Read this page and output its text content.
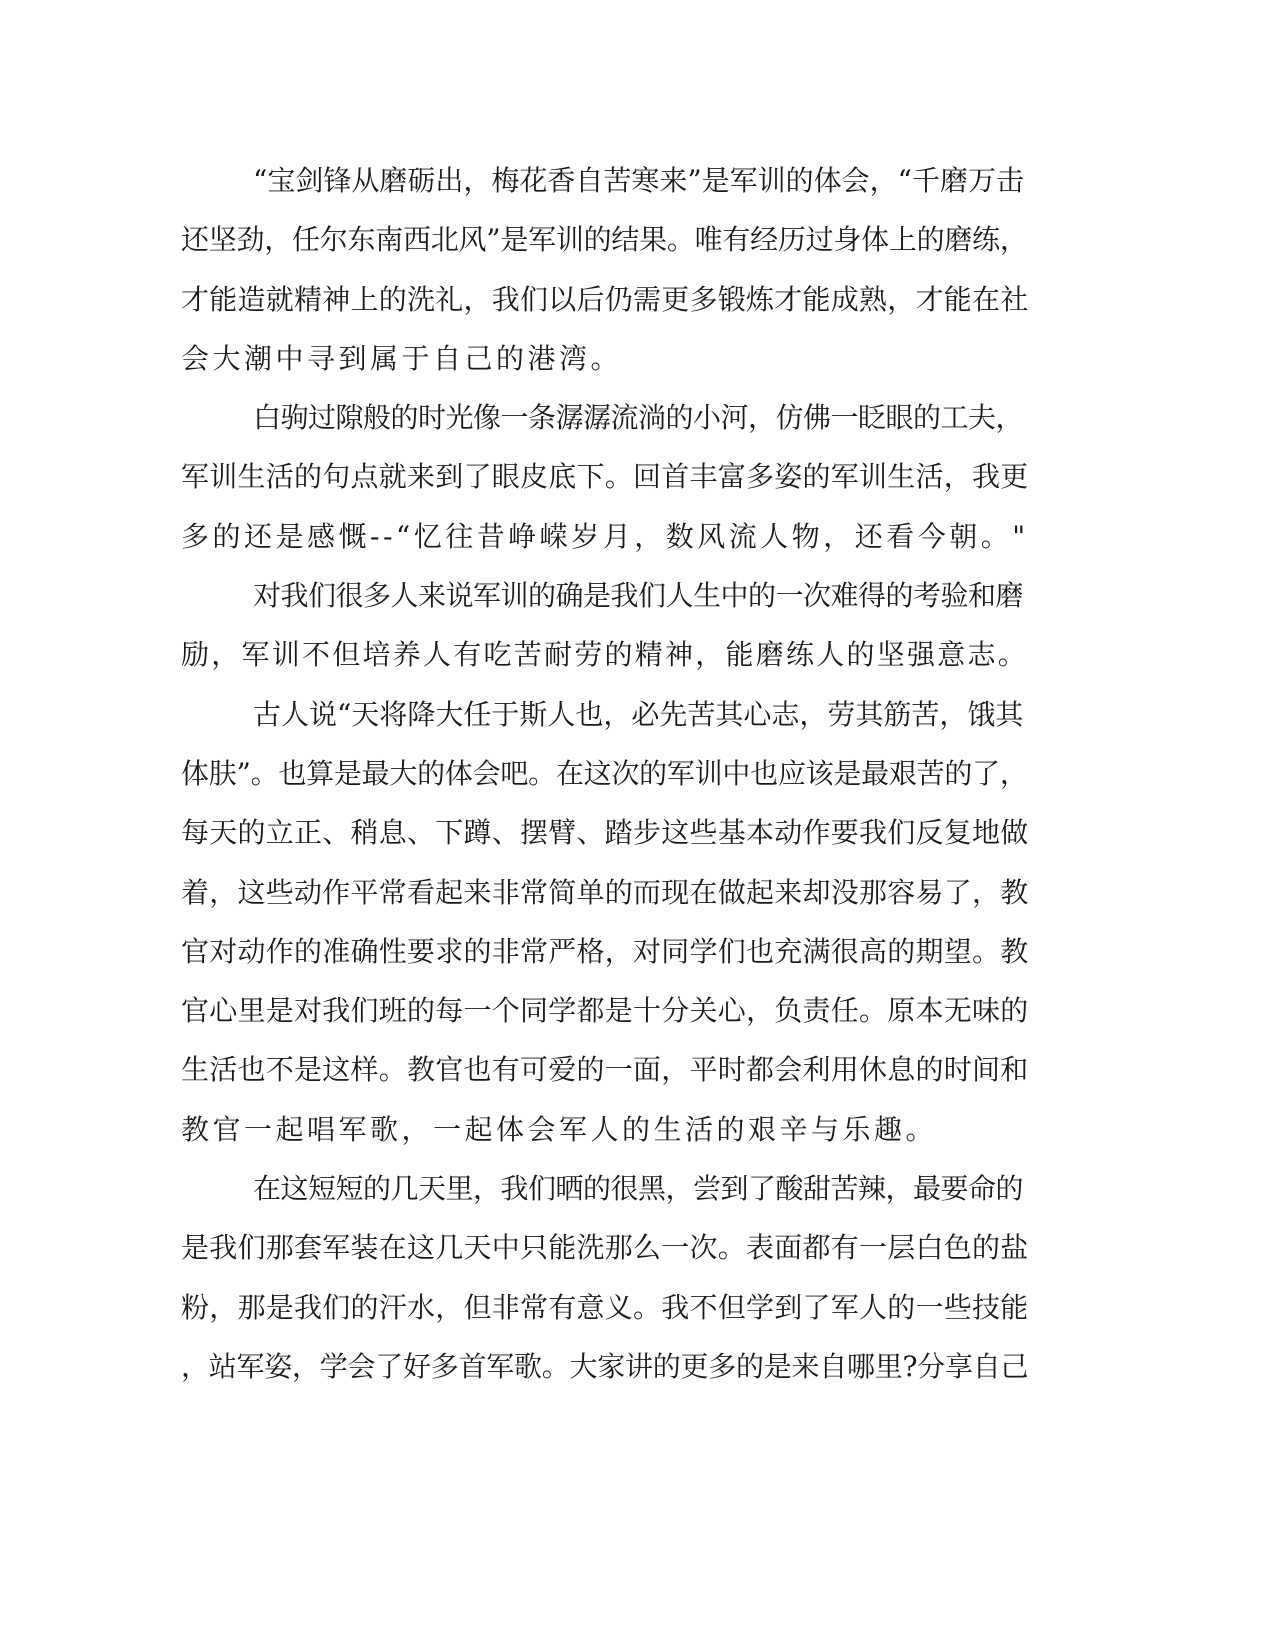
“宝剑锋从磨砺出，梅花香自苦寒来”是军训的体会，“千磨万击

还坚劲，任尔东南西北风”是军训的结果。唯有经历过身体上的磨练，

才能造就精神上的洗礼，我们以后仍需更多锻炼才能成熟，才能在社

会大潮中寻到属于自己的港湾。

白驹过隙般的时光像一条潺潺流淌的小河，仿佛一眨眼的工夫，

军训生活的句点就来到了眼皮底下。回首丰富多姿的军训生活，我更

多的还是感慨--“忆往昔峥嵘岁月，数风流人物，还看今朝。"

对我们很多人来说军训的确是我们人生中的一次难得的考验和磨

励，军训不但培养人有吃苦耐劳的精神，能磨练人的坚强意志。

古人说“天将降大任于斯人也，必先苦其心志，劳其筋苦，饿其

体肤”。也算是最大的体会吧。在这次的军训中也应该是最艰苦的了，

每天的立正、稍息、下蹲、摆臂、踏步这些基本动作要我们反复地做

着，这些动作平常看起来非常简单的而现在做起来却没那容易了，教

官对动作的准确性要求的非常严格，对同学们也充满很高的期望。教

官心里是对我们班的每一个同学都是十分关心，负责任。原本无味的

生活也不是这样。教官也有可爱的一面，平时都会利用休息的时间和

教官一起唱军歌，一起体会军人的生活的艰辛与乐趣。

在这短短的几天里，我们晒的很黑，尝到了酸甜苦辣，最要命的

是我们那套军装在这几天中只能洗那么一次。表面都有一层白色的盐

粉，那是我们的汗水，但非常有意义。我不但学到了军人的一些技能

，站军姿，学会了好多首军歌。大家讲的更多的是来自哪里?分享自己
